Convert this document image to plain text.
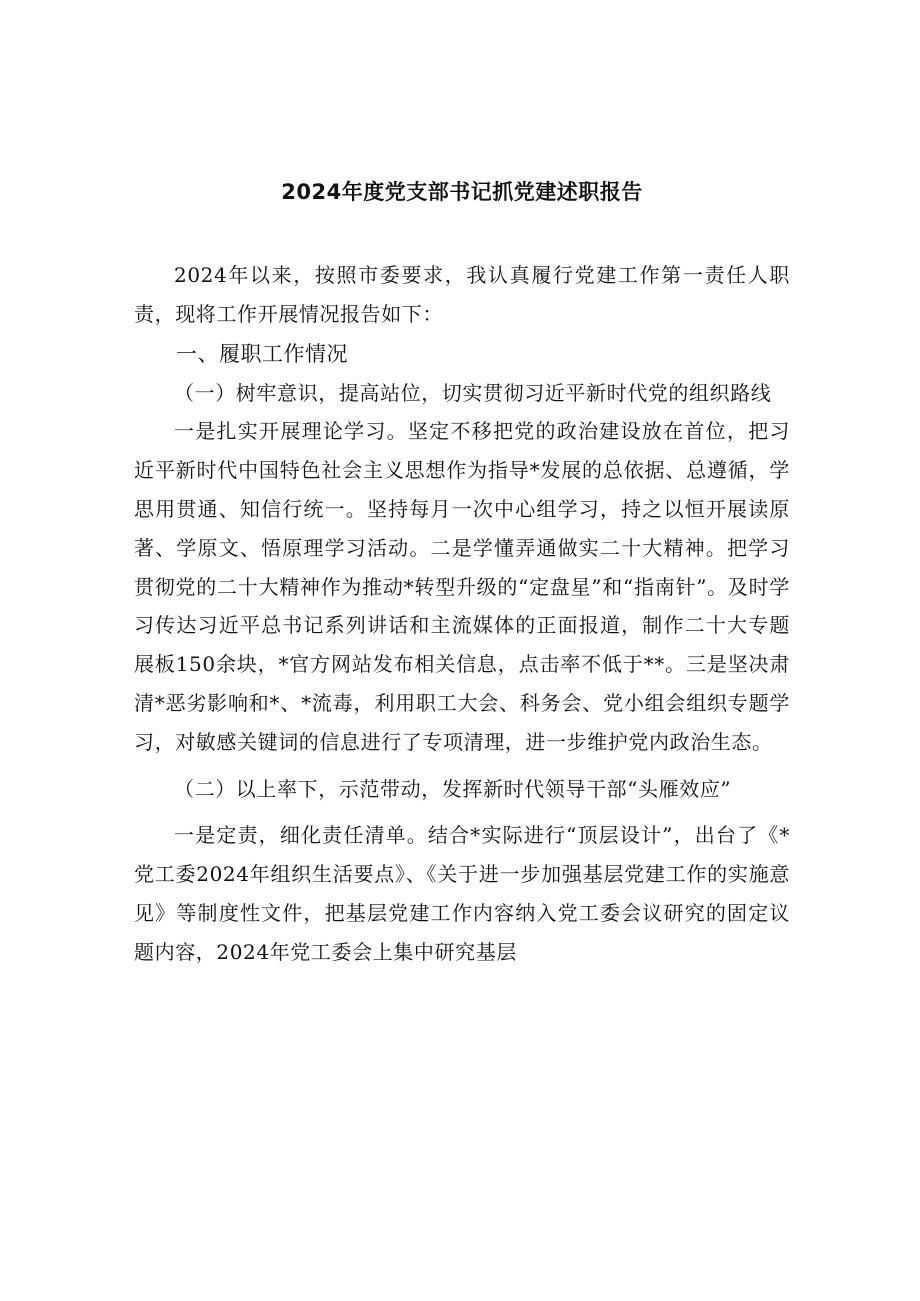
2024年度党支部书记抓党建述职报告

2024年以来，按照市委要求，我认真履行党建工作第一责任人职责，现将工作开展情况报告如下：

一、履职工作情况

（一）树牢意识，提高站位，切实贯彻习近平新时代党的组织路线

一是扎实开展理论学习。坚定不移把党的政治建设放在首位，把习近平新时代中国特色社会主义思想作为指导*发展的总依据、总遵循，学思用贯通、知信行统一。坚持每月一次中心组学习，持之以恒开展读原著、学原文、悟原理学习活动。二是学懂弄通做实二十大精神。把学习贯彻党的二十大精神作为推动*转型升级的“定盘星”和“指南针”。及时学习传达习近平总书记系列讲话和主流媒体的正面报道，制作二十大专题展板150余块，*官方网站发布相关信息，点击率不低于**。三是坚决肃清*恶劣影响和*、*流毒，利用职工大会、科务会、党小组会组织专题学习，对敏感关键词的信息进行了专项清理，进一步维护党内政治生态。

（二）以上率下，示范带动，发挥新时代领导干部“头雁效应”

一是定责，细化责任清单。结合*实际进行“顶层设计”，出台了《*党工委2024年组织生活要点》、《关于进一步加强基层党建工作的实施意见》等制度性文件，把基层党建工作内容纳入党工委会议研究的固定议题内容，2024年党工委会上集中研究基层
